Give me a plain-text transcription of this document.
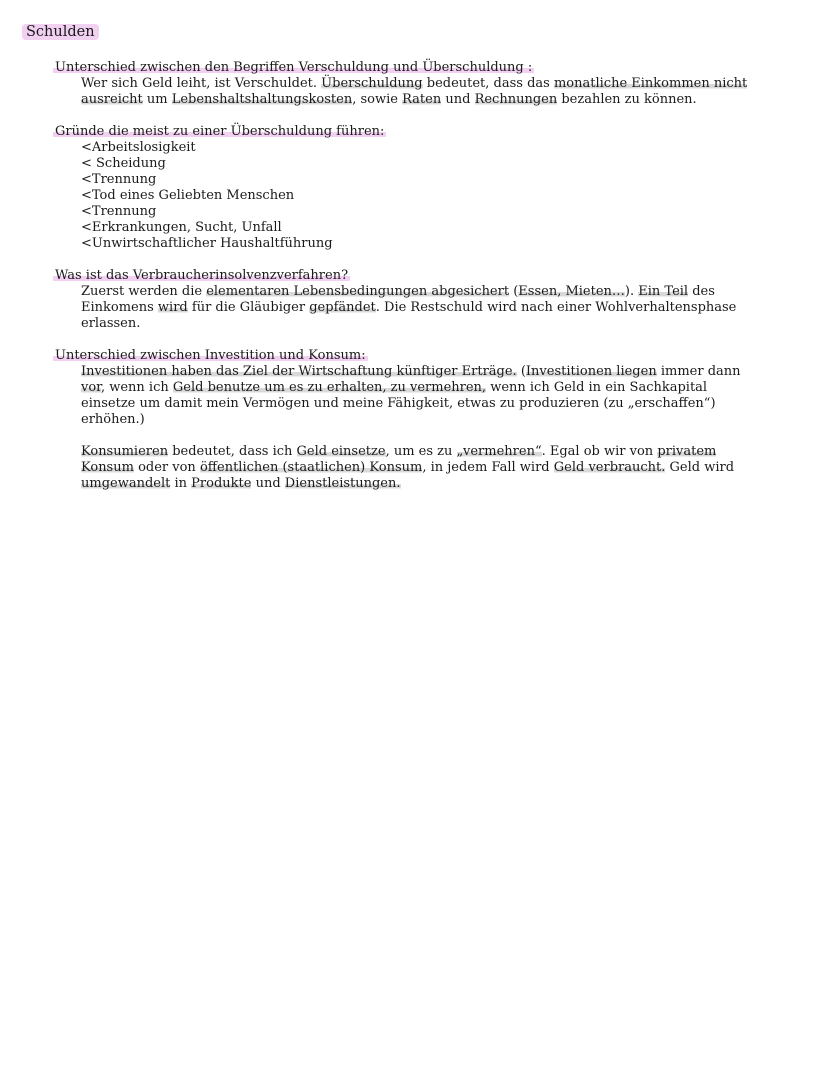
Schulden

Unterschied zwischen den Begriffen Verschuldung und Überschuldung :

Wer sich Geld leiht, ist Verschuldet. Überschuldung bedeutet, dass das monatliche Einkommen nicht ausreicht um Lebenshaltshaltungskosten, sowie Raten und Rechnungen bezahlen zu können.

Gründe die meist zu einer Überschuldung führen:

<Arbeitslosigkeit
< Scheidung
<Trennung
<Tod eines Geliebten Menschen
<Trennung
<Erkrankungen, Sucht, Unfall
<Unwirtschaftlicher Haushaltführung

Was ist das Verbraucherinsolvenzverfahren?

Zuerst werden die elementaren Lebensbedingungen abgesichert (Essen, Mieten…). Ein Teil des Einkomens wird für die Gläubiger gepfändet. Die Restschuld wird nach einer Wohlverhaltensphase erlassen.

Unterschied zwischen Investition und Konsum:

Investitionen haben das Ziel der Wirtschaftung künftiger Erträge. (Investitionen liegen immer dann vor, wenn ich Geld benutze um es zu erhalten, zu vermehren, wenn ich Geld in ein Sachkapital einsetze um damit mein Vermögen und meine Fähigkeit, etwas zu produzieren (zu „erschaffen“) erhöhen.)

Konsumieren bedeutet, dass ich Geld einsetze, um es zu „vermehren“. Egal ob wir von privatem Konsum oder von öffentlichen (staatlichen) Konsum, in jedem Fall wird Geld verbraucht. Geld wird umgewandelt in Produkte und Dienstleistungen.
